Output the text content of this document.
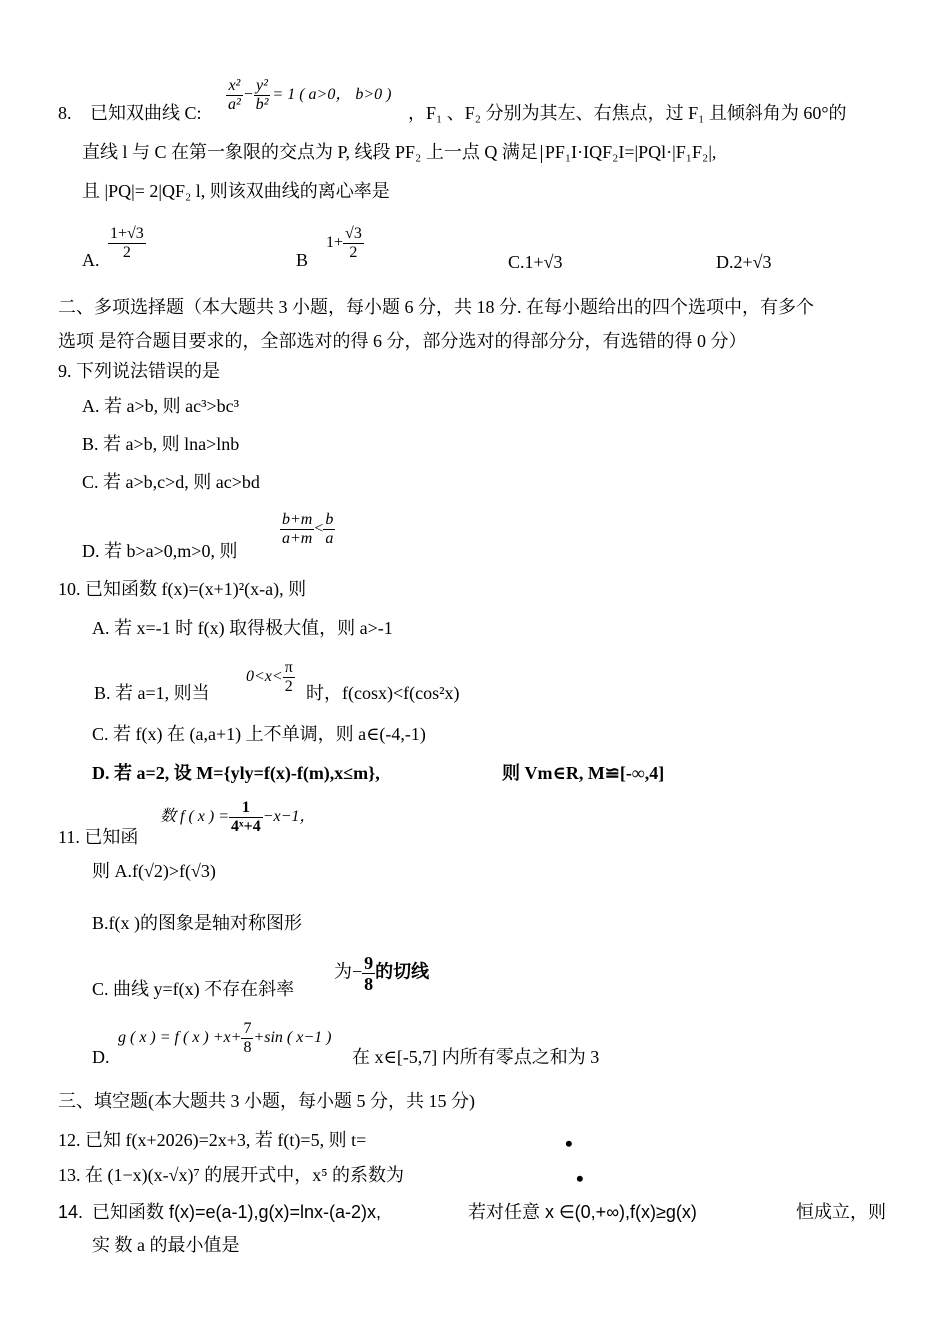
8. 已知双曲线 C: $\frac{\text{x²}}{\text{a²}} - \frac{\text{y²}}{\text{b²}} = 1$ ( a>0， b>0 )
，F₁ 、F₂ 分别为其左、右焦点，过 F₁ 且倾斜角为 60°的
直线 l 与 C 在第一象限的交点为 P, 线段 PF₂ 上一点 Q 满足 PF₁I·IQF₂I=|PQl·|F₁F₂|,
且 |PQ|= 2|QF₂ l, 则该双曲线的离心率是
A. $\frac{1+√3}{2}$	B
$1+ \frac{√3}{2}$
C.1+√3	D.2+√3
二、多项选择题（本大题共 3 小题，每小题 6 分，共 18 分. 在每小题给出的四个选项中，有多个
选项 是符合题目要求的，全部选对的得 6 分，部分选对的得部分分，有选错的得 0 分）
9. 下列说法错误的是
A. 若 a>b, 则 ac³>bc³
B. 若 a>b, 则 lna>lnb
C. 若 a>b,c>d, 则 ac>bd
D. 若 b>a>0,m>0, 则
$\frac{b+m}{a+m} < \frac{b}{a}$
10. 已知函数 f(x)=(x+1)²(x-a), 则
A. 若 x=-1 时 f(x) 取得极大值，则 a>-1
B. 若 a=1, 则当
$0<x< \frac{\pi}{2}$ 时，f(cosx)<f(cos²x)
C. 若 f(x) 在 (a,a+1) 上不单调，则 a∈(-4,-1)
D. 若 a=2, 设 M={yly=f(x)-f(m),x≤m},	则 Vm∈R, M≌[-∞,4]
11. 已知函
数 f ( x ) = $\frac{1}{\text{4ˣ+4}} -x-1$，
则 A.f(√2)>f(√3)
B.f(x )的图象是轴对称图形
C. 曲线 y=f(x) 不存在斜率
为− $\frac{9}{8}$ 的切线
D.
g ( x ) = f ( x ) $+x+ \frac{7}{8} +\sin$ ( x−1 )
在 x∈[-5,7] 内所有零点之和为 3
三、填空题(本大题共 3 小题，每小题 5 分，共 15 分)
12. 已知 f(x+2026)=2x+3, 若 f(t)=5, 则 t=	•
13. 在 (1−x)(x-√x)⁷ 的展开式中，x⁵ 的系数为	•
14. 已知函数 f(x)=e(a-1),g(x)=lnx-(a-2)x,	若对任意 x ∈(0,+∞),f(x)≥g(x)	恒成立，则
实 数 a 的最小值是
